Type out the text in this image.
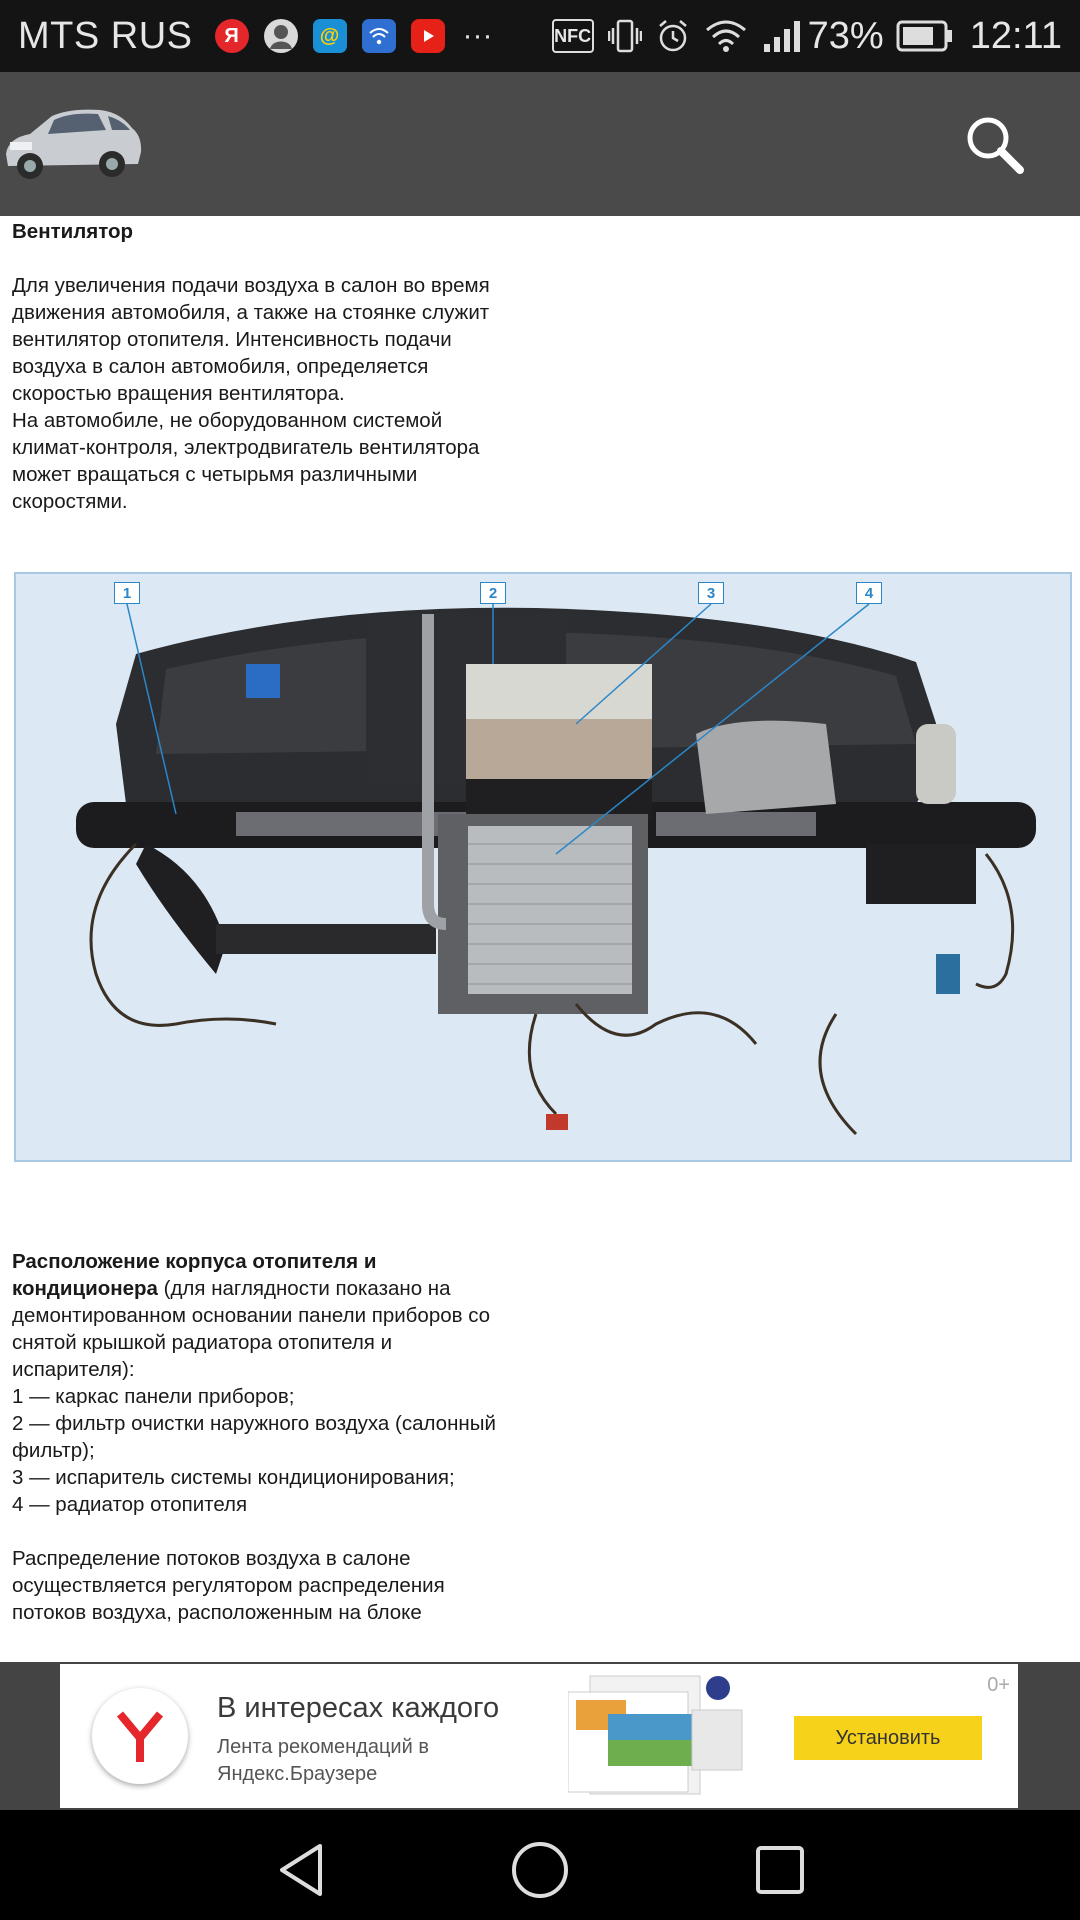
MTS RUS	Я	@	···	NFC	73% 12:11

Вентилятор

Для увеличения подачи воздуха в салон во время движения автомобиля, а также на стоянке служит вентилятор отопителя. Интенсивность подачи воздуха в салон автомобиля, определяется скоростью вращения вентилятора.

На автомобиле, не оборудованном системой климат-контроля, электродвигатель вентилятора может вращаться с четырьмя различными скоростями.

1	2	3	4

Расположение корпуса отопителя и кондиционера (для наглядности показано на демонтированном основании панели приборов со снятой крышкой радиатора отопителя и испарителя):

1 — каркас панели приборов;

2 — фильтр очистки наружного воздуха (салонный фильтр);

3 — испаритель системы кондиционирования;

4 — радиатор отопителя

Распределение потоков воздуха в салоне осуществляется регулятором распределения потоков воздуха, расположенным на блоке

В интересах каждого
Лента рекомендаций в Яндекс.Браузере
0+
Установить
